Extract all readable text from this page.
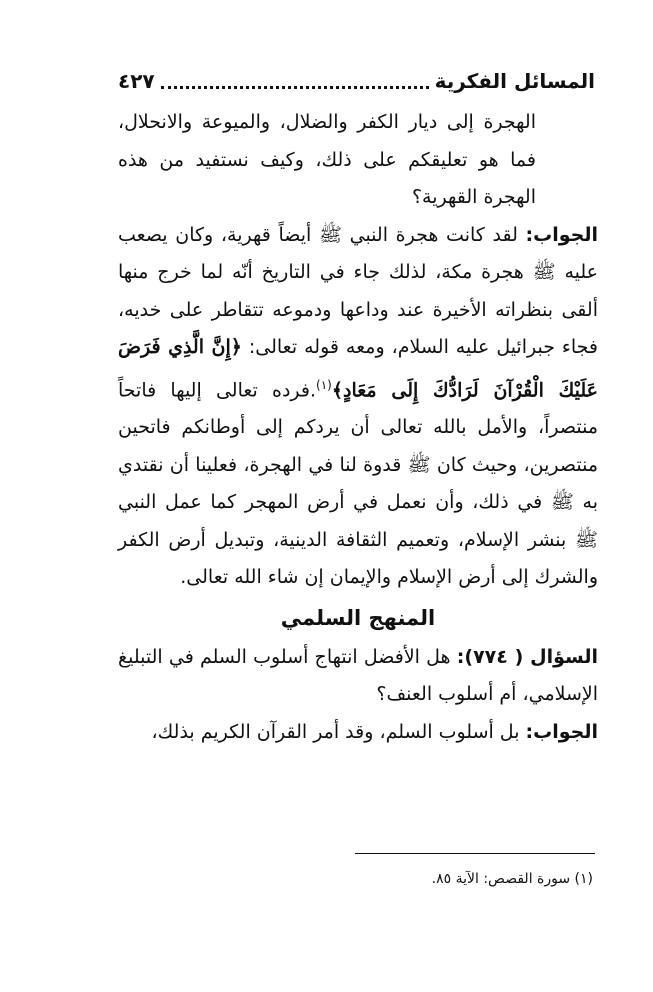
المسائل الفكرية
٤٢٧

الهجرة إلى ديار الكفر والضلال، والميوعة والانحلال، فما هو تعليقكم على ذلك، وكيف نستفيد من هذه الهجرة القهرية؟

الجواب: لقد كانت هجرة النبي ﷺ أيضاً قهرية، وكان يصعب عليه ﷺ هجرة مكة، لذلك جاء في التاريخ أنّه لما خرج منها ألقى بنظراته الأخيرة عند وداعها ودموعه تتقاطر على خديه، فجاء جبرائيل عليه السلام، ومعه قوله تعالى: ﴿إِنَّ الَّذِي فَرَضَ عَلَيْكَ الْقُرْآنَ لَرَادُّكَ إِلَى مَعَادٍ﴾$^{(١)}$.فرده تعالى إليها فاتحاً منتصراً، والأمل بالله تعالى أن يردكم إلى أوطانكم فاتحين منتصرين، وحيث كان ﷺ قدوة لنا في الهجرة، فعلينا أن نقتدي به ﷺ في ذلك، وأن نعمل في أرض المهجر كما عمل النبي ﷺ بنشر الإسلام، وتعميم الثقافة الدينية، وتبديل أرض الكفر والشرك إلى أرض الإسلام والإيمان إن شاء الله تعالى.

المنهج السلمي

السؤال ( ٧٧٤): هل الأفضل انتهاج أسلوب السلم في التبليغ الإسلامي، أم أسلوب العنف؟

الجواب: بل أسلوب السلم، وقد أمر القرآن الكريم بذلك،

(١) سورة القصص: الآية ٨٥.
